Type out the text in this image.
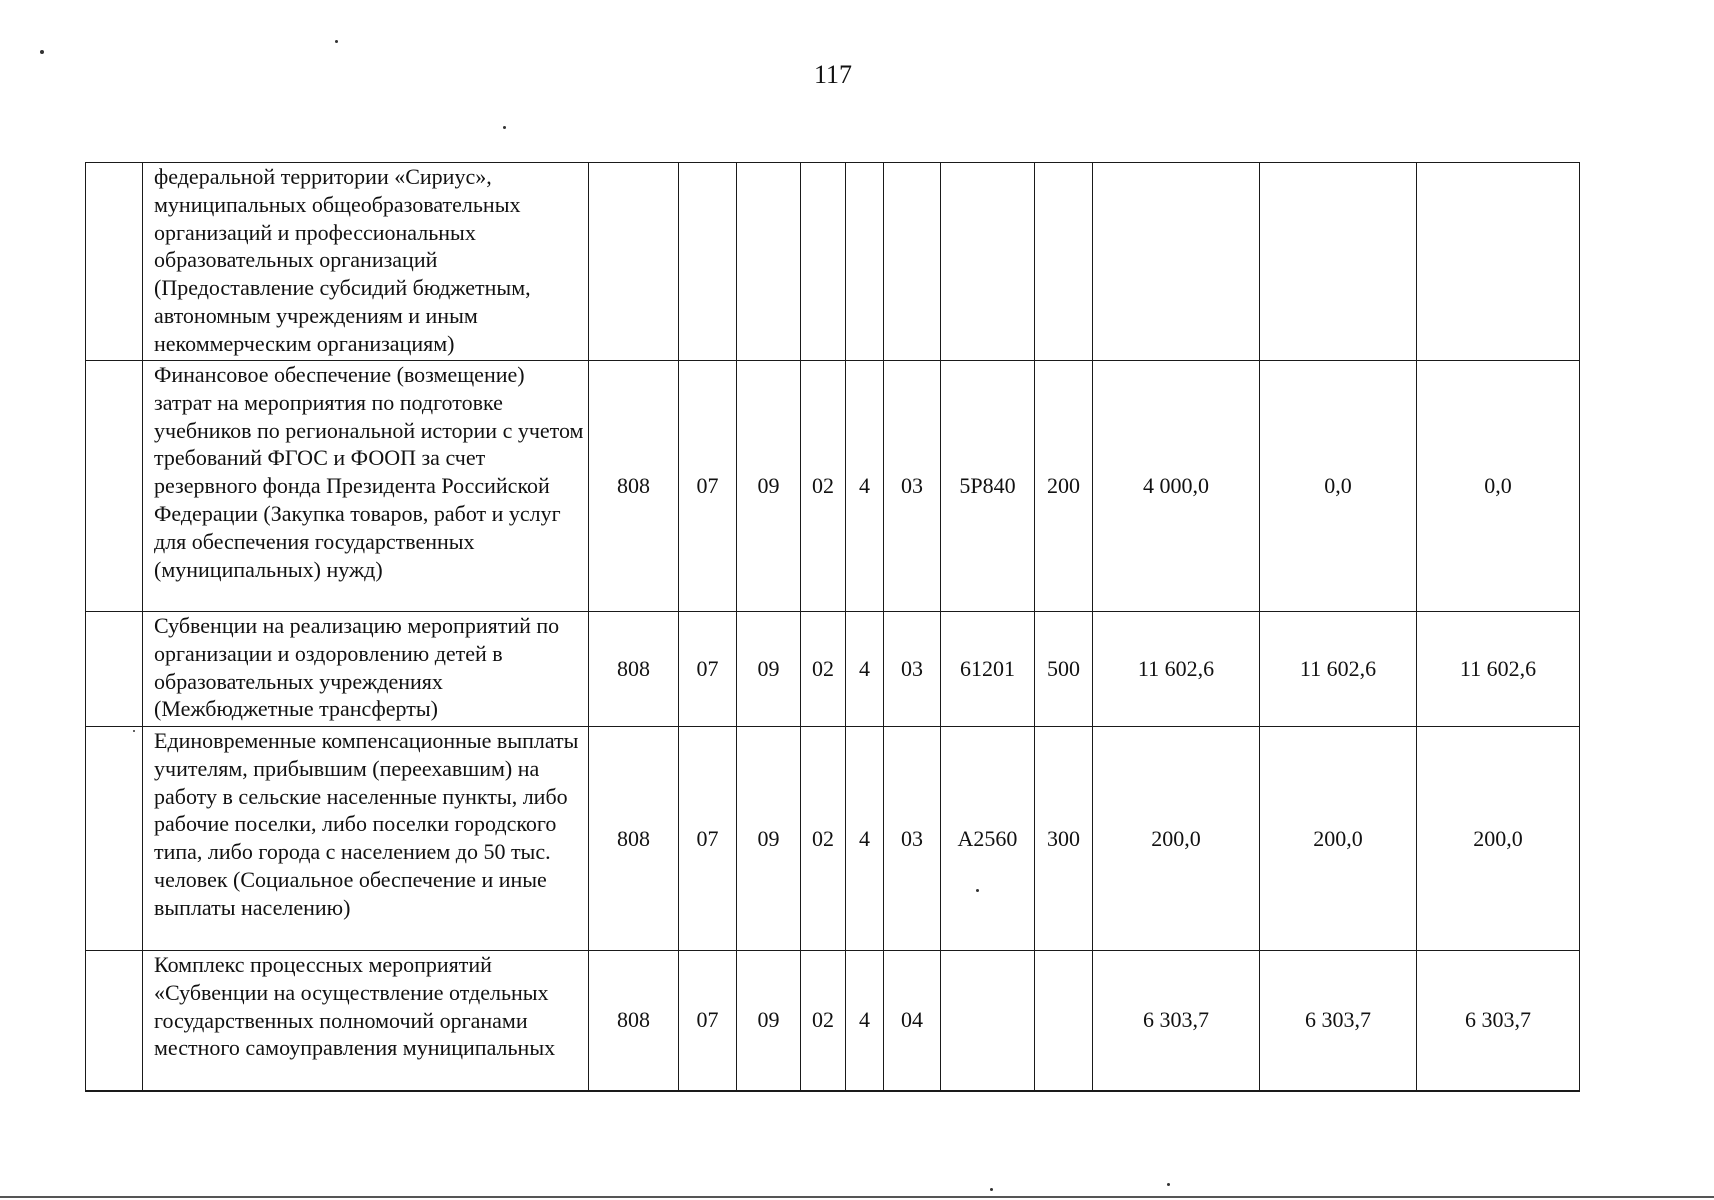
117
	федеральной территории «Сириус», муниципальных общеобразовательных организаций и профессиональных образовательных организаций (Предоставление субсидий бюджетным, автономным учреждениям и иным некоммерческим организациям)											
	Финансовое обеспечение (возмещение) затрат на мероприятия по подготовке учебников по региональной истории с учетом требований ФГОС и ФООП за счет резервного фонда Президента Российской Федерации (Закупка товаров, работ и услуг для обеспечения государственных (муниципальных) нужд)	808	07	09	02	4	03	5Р840	200	4 000,0	0,0	0,0
	Субвенции на реализацию мероприятий по организации и оздоровлению детей в образовательных учреждениях (Межбюджетные трансферты)	808	07	09	02	4	03	61201	500	11 602,6	11 602,6	11 602,6
	Единовременные компенсационные выплаты учителям, прибывшим (переехавшим) на работу в сельские населенные пункты, либо рабочие поселки, либо поселки городского типа, либо города с населением до 50 тыс. человек (Социальное обеспечение и иные выплаты населению)	808	07	09	02	4	03	А2560	300	200,0	200,0	200,0
	Комплекс процессных мероприятий «Субвенции на осуществление отдельных государственных полномочий органами местного самоуправления муниципальных	808	07	09	02	4	04			6 303,7	6 303,7	6 303,7
